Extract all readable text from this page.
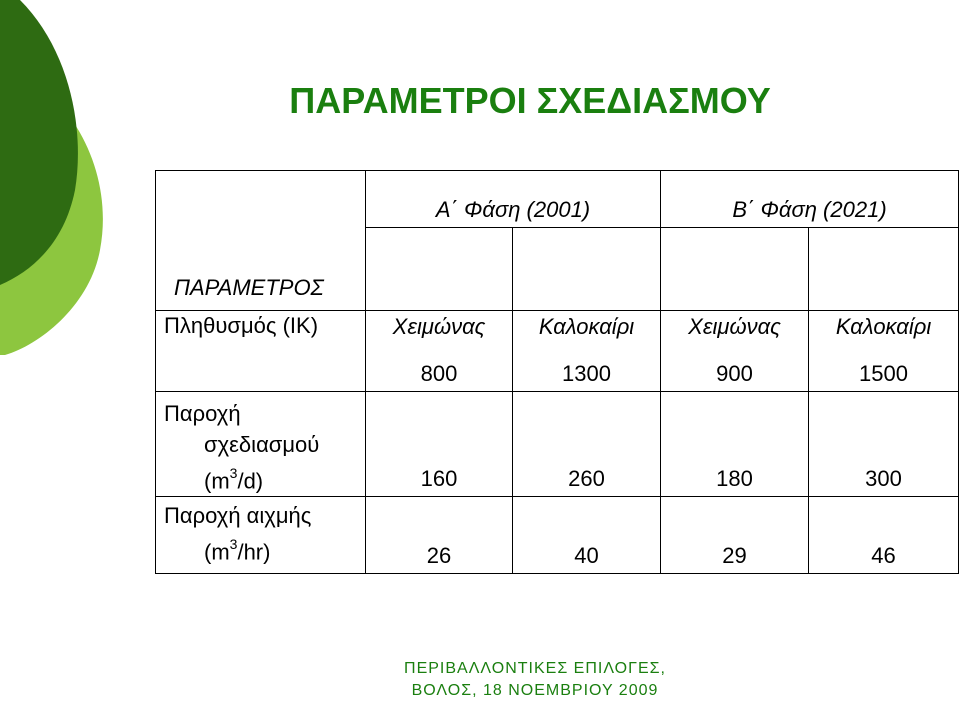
ΠΑΡΑΜΕΤΡΟΙ ΣΧΕΔΙΑΣΜΟΥ
	Α΄ Φάση (2001)		Β΄ Φάση (2021)	

	Χειμώνας	Καλοκαίρι	Χειμώνας	Καλοκαίρι

ΠΑΡΑΜΕΤΡΟΣ
Πληθυσμός (ΙΚ)	800	1300	900	1500

Παροχή
σχεδιασμού
$(m^3/d)$	160	260	180	300

Παροχή αιχμής
$(m^3/hr)$	26	40	29	46
ΠΕΡΙΒΑΛΛΟΝΤΙΚΕΣ ΕΠΙΛΟΓΕΣ,
ΒΟΛΟΣ, 18 ΝΟΕΜΒΡΙΟΥ 2009
